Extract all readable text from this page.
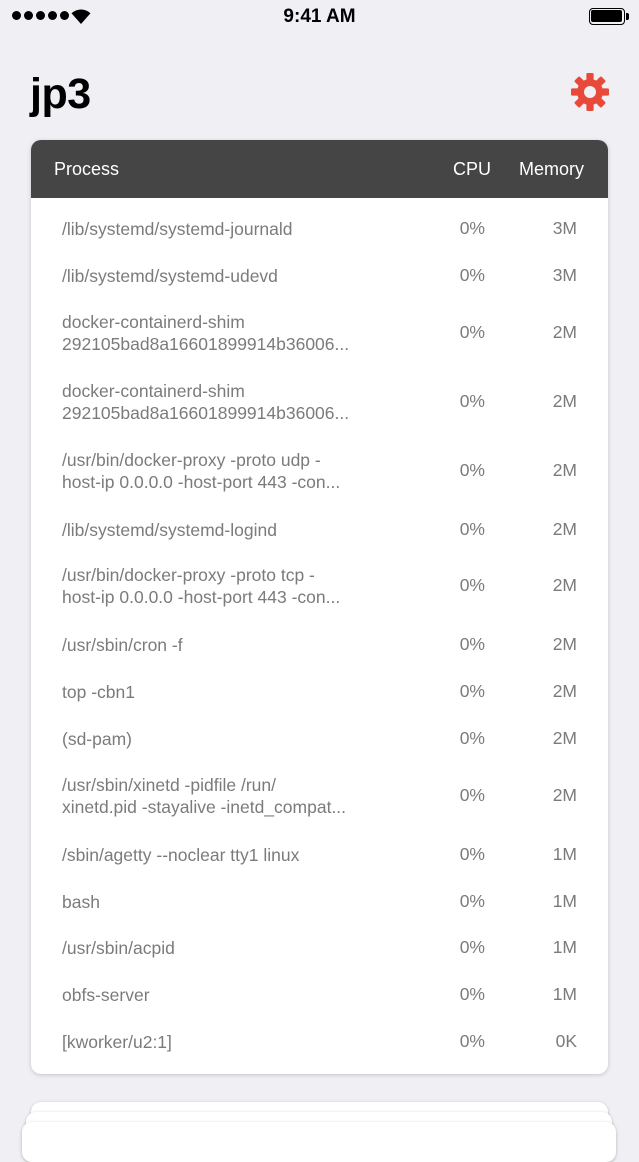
9:41 AM
jp3
Process	CPU Memory
/lib/systemd/systemd-journald	0%	3M
/lib/systemd/systemd-udevd	0%	3M
docker-containerd-shim
292105bad8a16601899914b36006...
0%	2M
docker-containerd-shim
292105bad8a16601899914b36006...
0%	2M
/usr/bin/docker-proxy -proto udp -
host-ip 0.0.0.0 -host-port 443 -con...
0%	2M
/lib/systemd/systemd-logind	0%	2M
/usr/bin/docker-proxy -proto tcp -
host-ip 0.0.0.0 -host-port 443 -con...
0%	2M
/usr/sbin/cron -f	0%	2M
top -cbn1	0%	2M
(sd-pam)	0%	2M
/usr/sbin/xinetd -pidfile /run/
xinetd.pid -stayalive -inetd_compat...
0%	2M
/sbin/agetty --noclear tty1 linux	0%	1M
bash	0%	1M
/usr/sbin/acpid	0%	1M
obfs-server	0%	1M
[kworker/u2:1]	0%	0K
